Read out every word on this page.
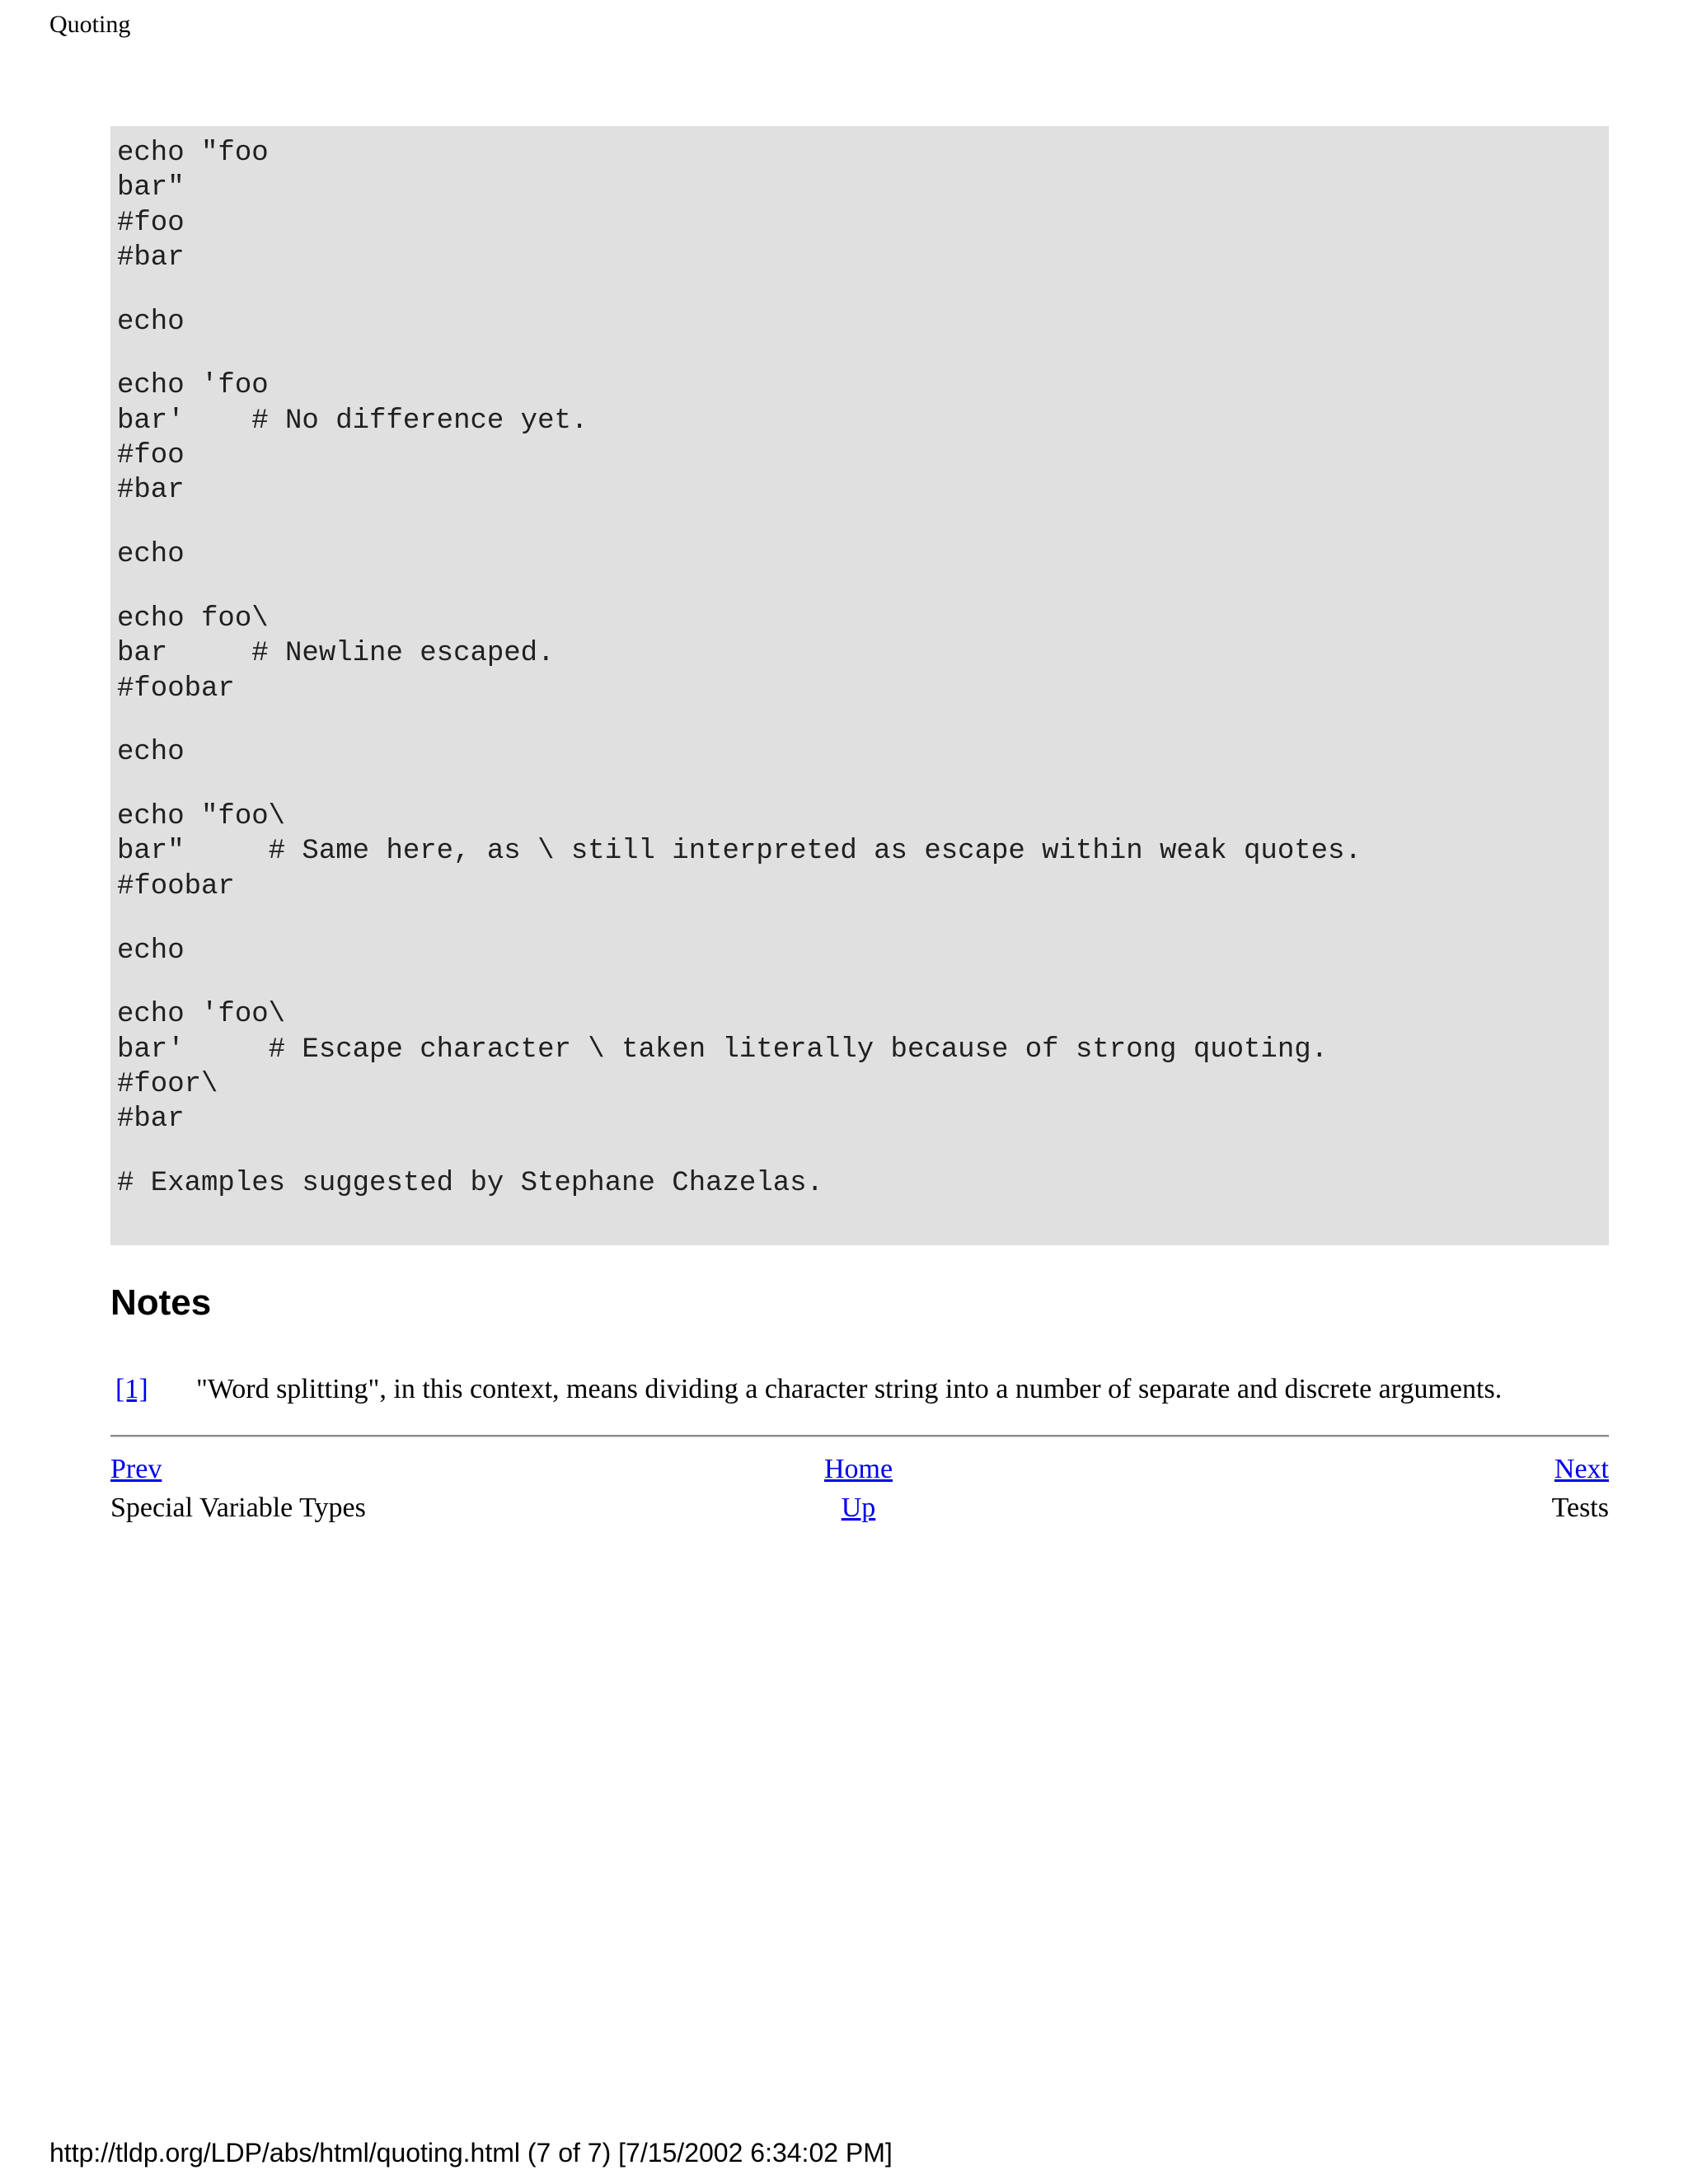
Quoting
echo "foo
bar"
#foo
#bar
echo
echo 'foo
bar'    # No difference yet.
#foo
#bar
echo
echo foo\
bar     # Newline escaped.
#foobar
echo
echo "foo\
bar"     # Same here, as \ still interpreted as escape within weak quotes.
#foobar
echo
echo 'foo\
bar'     # Escape character \ taken literally because of strong quoting.
#foor\
#bar
# Examples suggested by Stephane Chazelas.
Notes
[1] "Word splitting", in this context, means dividing a character string into a number of separate and discrete arguments.
Prev	Home	Next
Special Variable Types	Up	Tests
http://tldp.org/LDP/abs/html/quoting.html (7 of 7) [7/15/2002 6:34:02 PM]
